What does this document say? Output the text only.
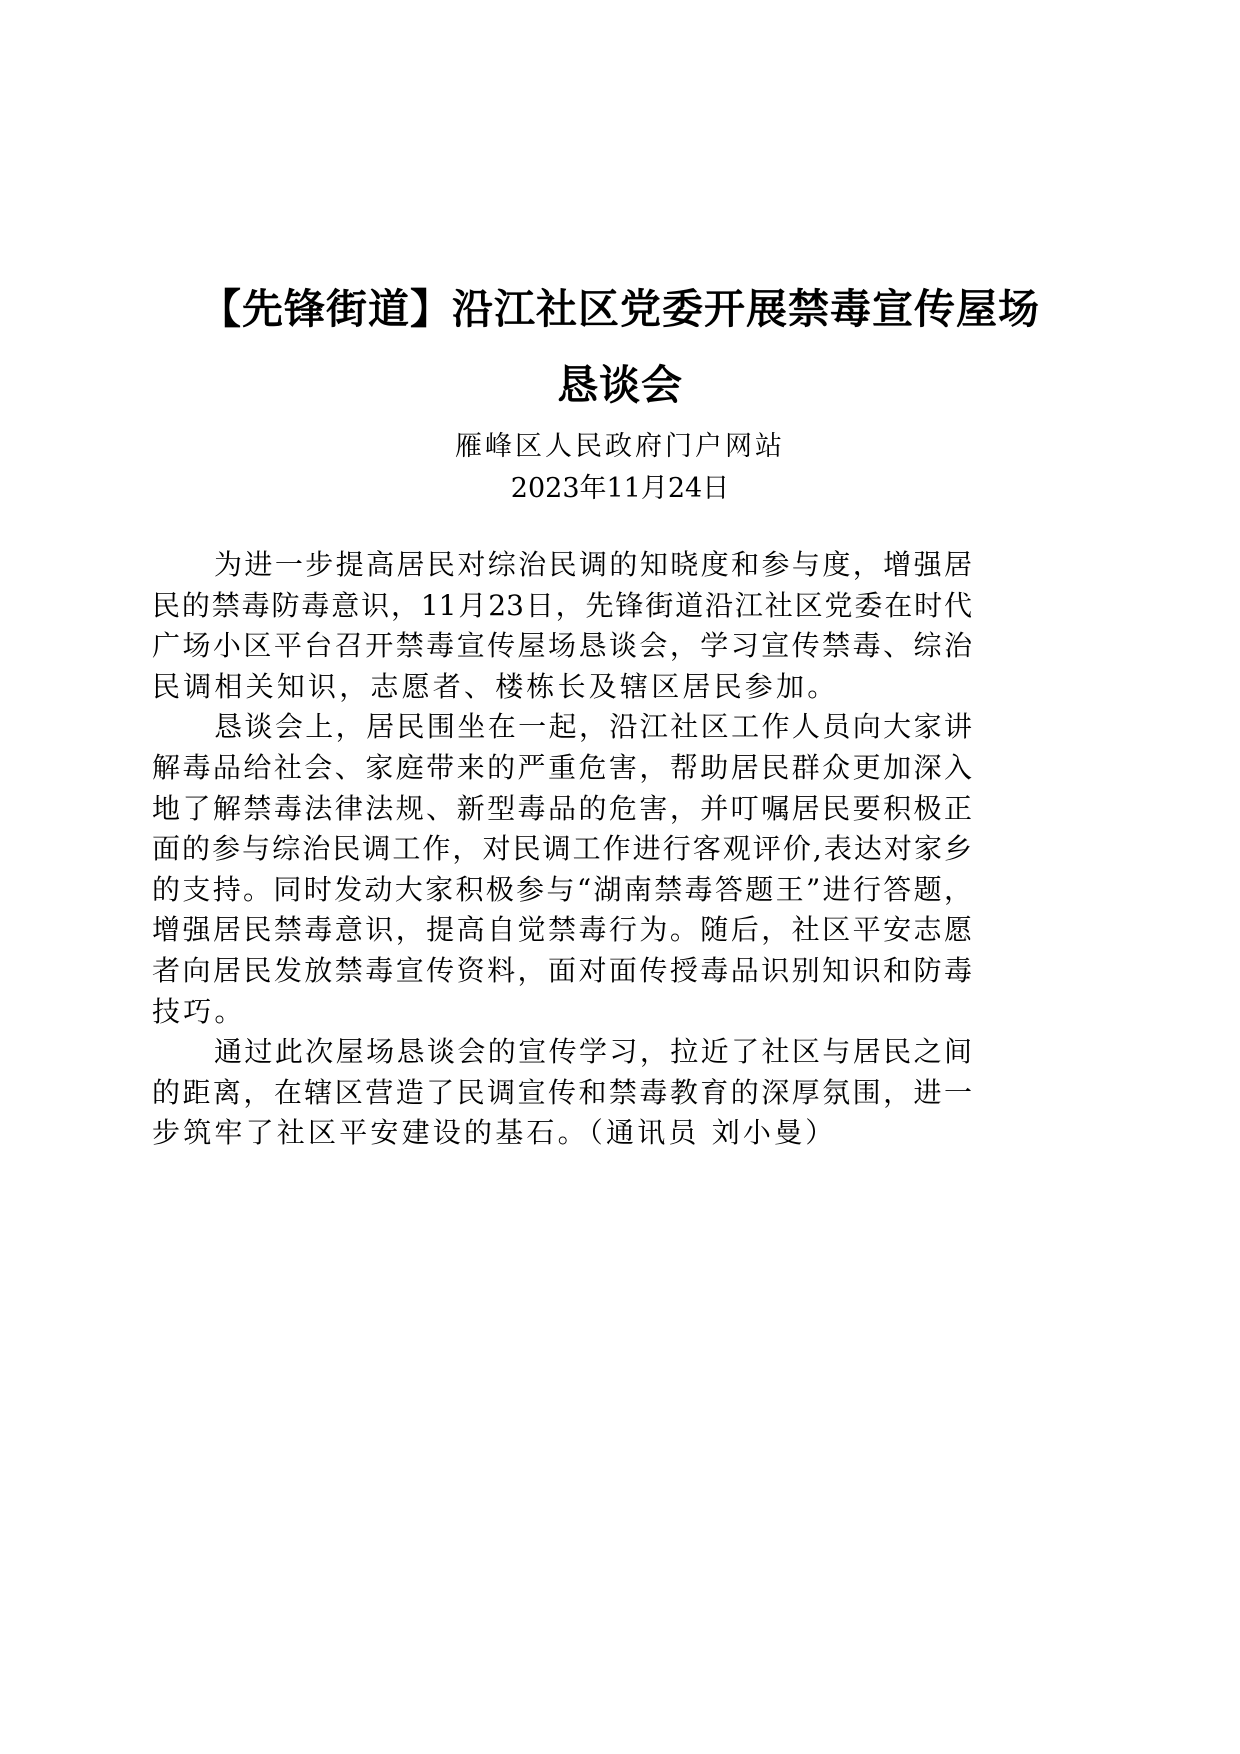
【先锋街道】沿江社区党委开展禁毒宣传屋场
恳谈会
雁峰区人民政府门户网站
2023年11月24日
为进一步提高居民对综治民调的知晓度和参与度，增强居
民的禁毒防毒意识，11月23日，先锋街道沿江社区党委在时代
广场小区平台召开禁毒宣传屋场恳谈会，学习宣传禁毒、综治
民调相关知识，志愿者、楼栋长及辖区居民参加。
恳谈会上，居民围坐在一起，沿江社区工作人员向大家讲
解毒品给社会、家庭带来的严重危害，帮助居民群众更加深入
地了解禁毒法律法规、新型毒品的危害，并叮嘱居民要积极正
面的参与综治民调工作，对民调工作进行客观评价,表达对家乡
的支持。同时发动大家积极参与“湖南禁毒答题王”进行答题，
增强居民禁毒意识，提高自觉禁毒行为。随后，社区平安志愿
者向居民发放禁毒宣传资料，面对面传授毒品识别知识和防毒
技巧。
通过此次屋场恳谈会的宣传学习，拉近了社区与居民之间
的距离，在辖区营造了民调宣传和禁毒教育的深厚氛围，进一
步筑牢了社区平安建设的基石。（通讯员 刘小曼）
